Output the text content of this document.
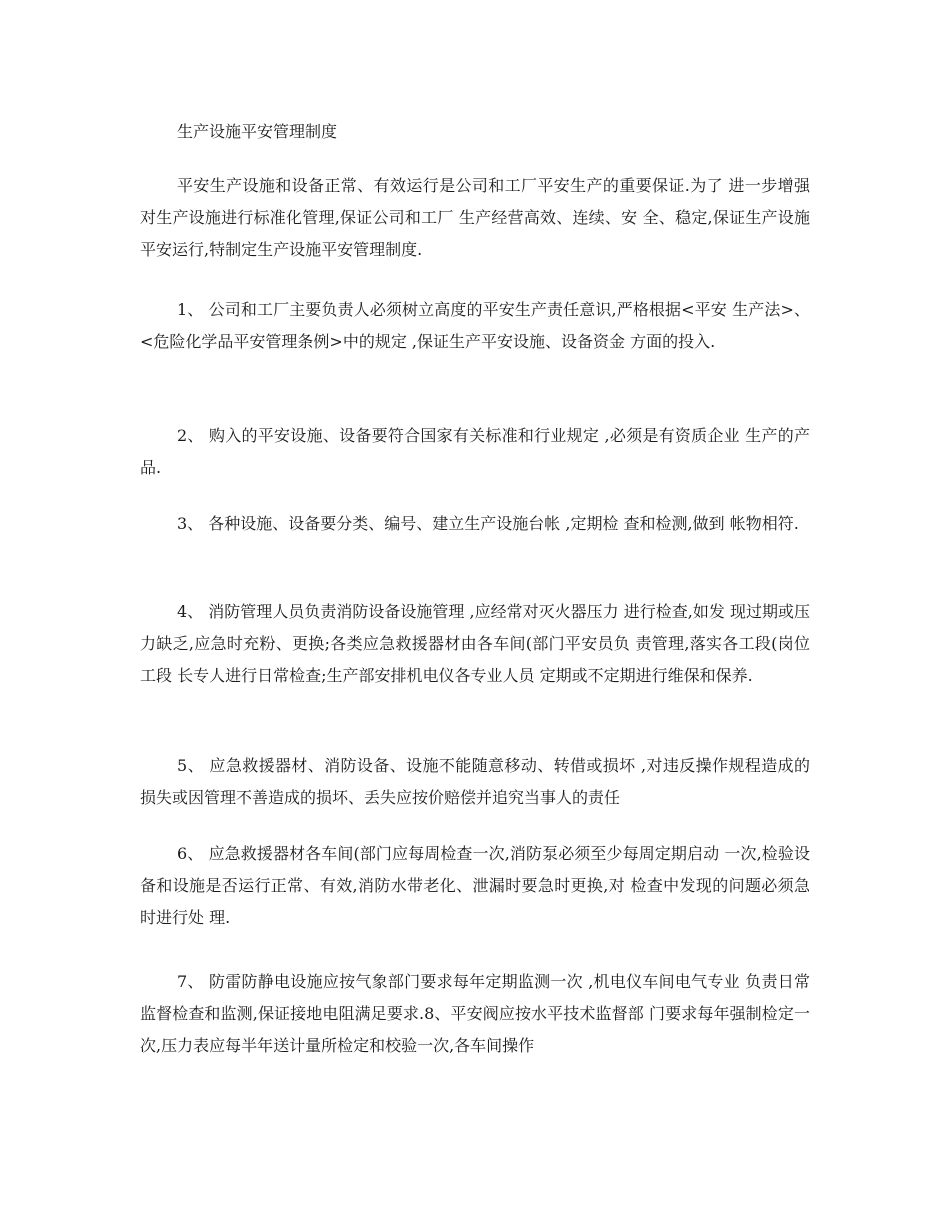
生产设施平安管理制度

平安生产设施和设备正常、有效运行是公司和工厂平安生产的重要保证.为了 进一步增强对生产设施进行标准化管理,保证公司和工厂 生产经营高效、连续、安 全、稳定,保证生产设施平安运行,特制定生产设施平安管理制度.

1、 公司和工厂主要负责人必须树立高度的平安生产责任意识,严格根据<平安 生产法>、<危险化学品平安管理条例>中的规定 ,保证生产平安设施、设备资金 方面的投入.

2、 购入的平安设施、设备要符合国家有关标准和行业规定 ,必须是有资质企业 生产的产品.

3、 各种设施、设备要分类、编号、建立生产设施台帐 ,定期检 查和检测,做到 帐物相符.

4、 消防管理人员负责消防设备设施管理 ,应经常对灭火器压力 进行检查,如发 现过期或压力缺乏,应急时充粉、更换;各类应急救援器材由各车间(部门平安员负 责管理,落实各工段(岗位工段 长专人进行日常检查;生产部安排机电仪各专业人员 定期或不定期进行维保和保养.

5、 应急救援器材、消防设备、设施不能随意移动、转借或损坏 ,对违反操作规程造成的损失或因管理不善造成的损坏、丢失应按价赔偿并追究当事人的责任

6、 应急救援器材各车间(部门应每周检查一次,消防泵必须至少每周定期启动 一次,检验设备和设施是否运行正常、有效,消防水带老化、泄漏时要急时更换,对 检查中发现的问题必须急时进行处 理.

7、 防雷防静电设施应按气象部门要求每年定期监测一次 ,机电仪车间电气专业 负责日常监督检查和监测,保证接地电阻满足要求.8、平安阀应按水平技术监督部 门要求每年强制检定一次,压力表应每半年送计量所检定和校验一次,各车间操作
